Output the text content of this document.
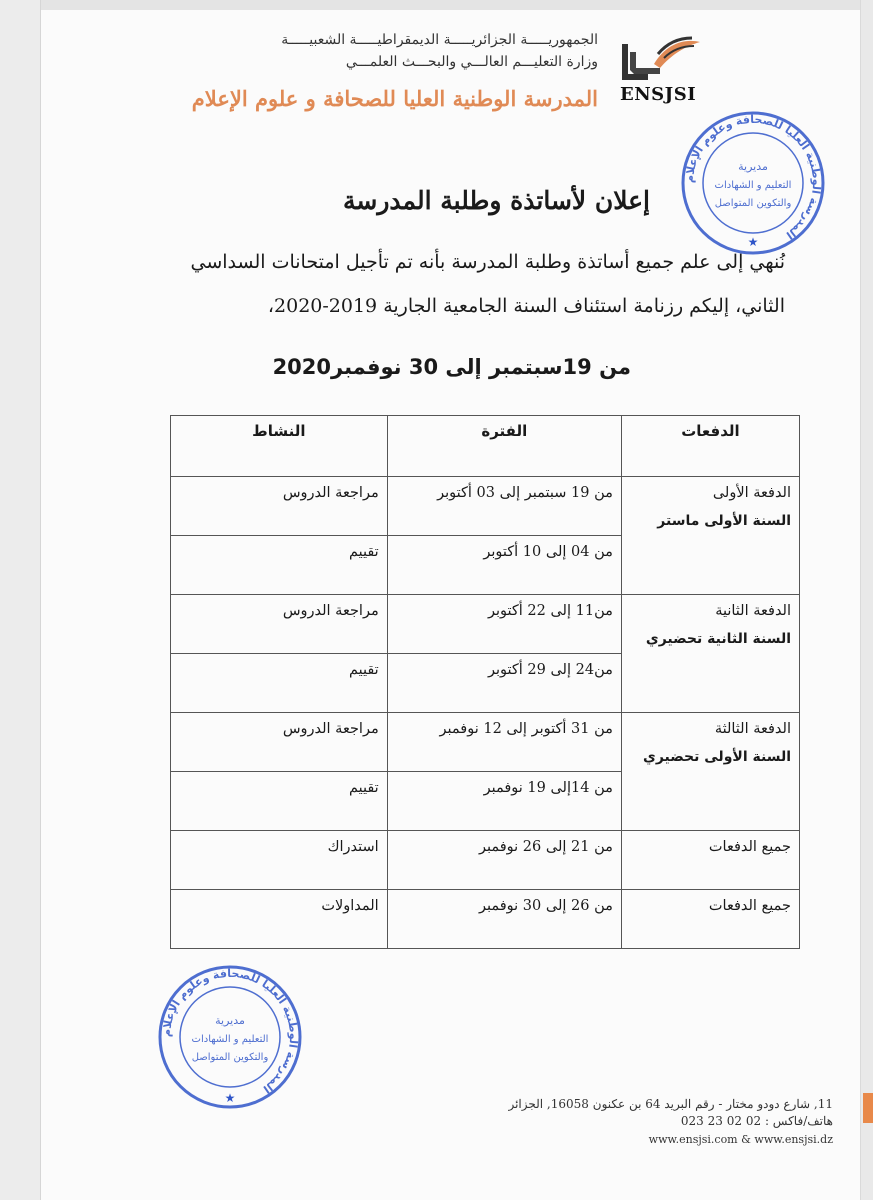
الجمهوريـــــة الجزائريـــــة الديمقراطيـــــة الشعبيـــــة
وزارة التعليـــم العالـــي والبحـــث العلمـــي
المدرسة الوطنية العليا للصحافة و علوم الإعلام ENSJSI
المدرسة الوطنية العليا للصحافة وعلوم الإعلام
مديرية
التعليم و الشهادات
والتكوين المتواصل
★
إعلان لأساتذة وطلبة المدرسة
نُنهي إلى علم جميع أساتذة وطلبة المدرسة بأنه تم تأجيل امتحانات السداسي
الثاني، إليكم رزنامة استئناف السنة الجامعية الجارية 2019-2020،
من 19سبتمبر إلى 30 نوفمبر2020
الدفعات	الفترة	النشاط

الدفعة الأولى
السنة الأولى ماستر	من 19 سبتمبر إلى 03 أكتوبر	مراجعة الدروس

	من 04 إلى 10 أكتوبر	تقييم

الدفعة الثانية
السنة الثانية تحضيري	من11 إلى 22 أكتوبر	مراجعة الدروس

	من24 إلى 29 أكتوبر	تقييم

الدفعة الثالثة
السنة الأولى تحضيري	من 31 أكتوبر إلى 12 نوفمبر	مراجعة الدروس

	من 14إلى 19 نوفمبر	تقييم

جميع الدفعات	من 21 إلى 26 نوفمبر	استدراك

جميع الدفعات	من 26 إلى 30 نوفمبر	المداولات
المدرسة الوطنية العليا للصحافة وعلوم الإعلام
مديرية
التعليم و الشهادات
والتكوين المتواصل
★	11, شارع دودو مختار - رقم البريد 64 بن عكنون 16058, الجزائر
هاتف/فاكس : 02 02 23 023
www.ensjsi.com & www.ensjsi.dz
